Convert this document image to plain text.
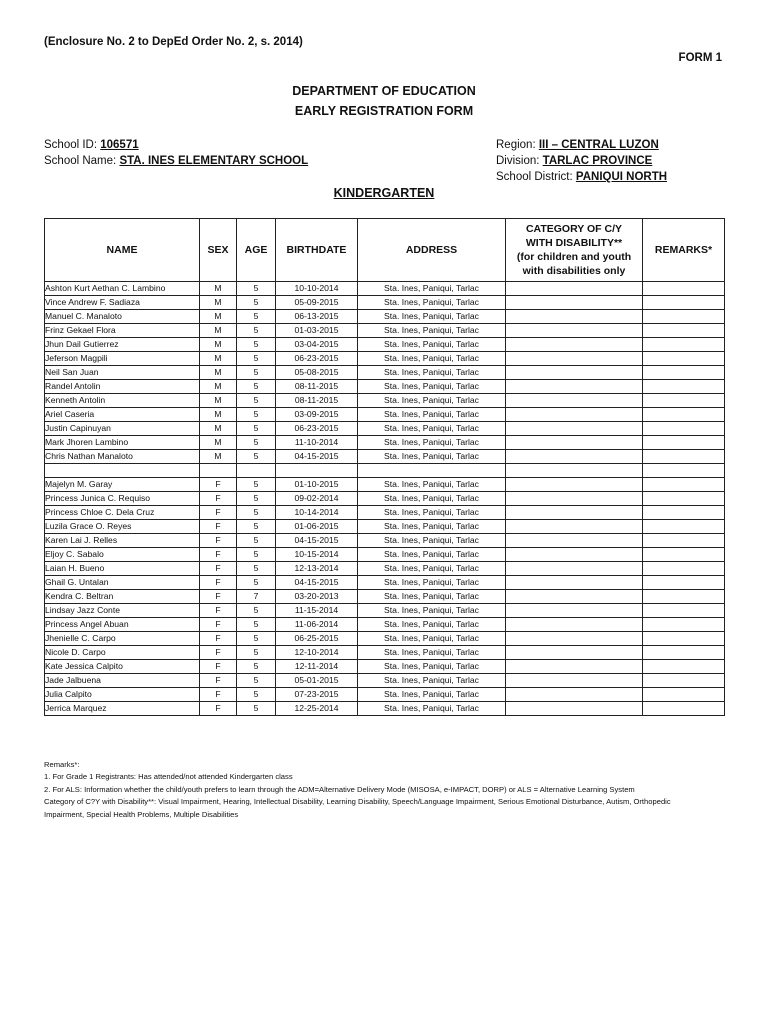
(Enclosure No. 2 to DepEd Order No. 2, s. 2014)
FORM 1
DEPARTMENT OF EDUCATION
EARLY REGISTRATION FORM
School ID: 106571
School Name: STA. INES ELEMENTARY SCHOOL
Region: III – CENTRAL LUZON
Division: TARLAC PROVINCE
School District: PANIQUI NORTH
KINDERGARTEN
NAME	SEX	AGE	BIRTHDATE	ADDRESS	CATEGORY OF C/Y
WITH DISABILITY**
(for children and youth
with disabilities only	REMARKS*
Ashton Kurt Aethan C. Lambino	M	5	10-10-2014	Sta. Ines, Paniqui, Tarlac		
Vince Andrew F. Sadiaza	M	5	05-09-2015	Sta. Ines, Paniqui, Tarlac		
Manuel C. Manaloto	M	5	06-13-2015	Sta. Ines, Paniqui, Tarlac		
Frinz Gekael Flora	M	5	01-03-2015	Sta. Ines, Paniqui, Tarlac		
Jhun Dail Gutierrez	M	5	03-04-2015	Sta. Ines, Paniqui, Tarlac		
Jeferson Magpili	M	5	06-23-2015	Sta. Ines, Paniqui, Tarlac		
Neil San Juan	M	5	05-08-2015	Sta. Ines, Paniqui, Tarlac		
Randel Antolin	M	5	08-11-2015	Sta. Ines, Paniqui, Tarlac		
Kenneth Antolin	M	5	08-11-2015	Sta. Ines, Paniqui, Tarlac		
Ariel Caseria	M	5	03-09-2015	Sta. Ines, Paniqui, Tarlac		
Justin Capinuyan	M	5	06-23-2015	Sta. Ines, Paniqui, Tarlac		
Mark Jhoren Lambino	M	5	11-10-2014	Sta. Ines, Paniqui, Tarlac		
Chris Nathan Manaloto	M	5	04-15-2015	Sta. Ines, Paniqui, Tarlac		

Majelyn M. Garay	F	5	01-10-2015	Sta. Ines, Paniqui, Tarlac		
Princess Junica C. Requiso	F	5	09-02-2014	Sta. Ines, Paniqui, Tarlac		
Princess Chloe C. Dela Cruz	F	5	10-14-2014	Sta. Ines, Paniqui, Tarlac		
Luzila Grace O. Reyes	F	5	01-06-2015	Sta. Ines, Paniqui, Tarlac		
Karen Lai J. Relles	F	5	04-15-2015	Sta. Ines, Paniqui, Tarlac		
Eljoy C. Sabalo	F	5	10-15-2014	Sta. Ines, Paniqui, Tarlac		
Laian H. Bueno	F	5	12-13-2014	Sta. Ines, Paniqui, Tarlac		
Ghail G. Untalan	F	5	04-15-2015	Sta. Ines, Paniqui, Tarlac		
Kendra C. Beltran	F	7	03-20-2013	Sta. Ines, Paniqui, Tarlac		
Lindsay Jazz Conte	F	5	11-15-2014	Sta. Ines, Paniqui, Tarlac		
Princess Angel Abuan	F	5	11-06-2014	Sta. Ines, Paniqui, Tarlac		
Jhenielle C. Carpo	F	5	06-25-2015	Sta. Ines, Paniqui, Tarlac		
Nicole D. Carpo	F	5	12-10-2014	Sta. Ines, Paniqui, Tarlac		
Kate Jessica Calpito	F	5	12-11-2014	Sta. Ines, Paniqui, Tarlac		
Jade Jalbuena	F	5	05-01-2015	Sta. Ines, Paniqui, Tarlac		
Julia Calpito	F	5	07-23-2015	Sta. Ines, Paniqui, Tarlac		
Jerrica Marquez	F	5	12-25-2014	Sta. Ines, Paniqui, Tarlac		
Remarks*:
1. For Grade 1 Registrants: Has attended/not attended Kindergarten class
2. For ALS: Information whether the child/youth prefers to learn through the ADM=Alternative Delivery Mode (MISOSA, e-IMPACT, DORP) or ALS = Alternative Learning System
Category of C?Y with Disability**: Visual Impairment, Hearing, Intellectual Disability, Learning Disability, Speech/Language Impairment, Serious Emotional Disturbance, Autism, Orthopedic Impairment, Special Health Problems, Multiple Disabilities
